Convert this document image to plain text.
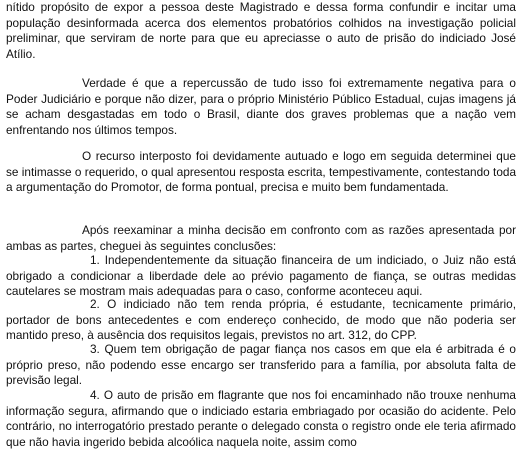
nítido propósito de expor a pessoa deste Magistrado e dessa forma confundir e incitar uma população desinformada acerca dos elementos probatórios colhidos na investigação policial preliminar, que serviram de norte para que eu apreciasse o auto de prisão do indiciado José Atílio.

Verdade é que a repercussão de tudo isso foi extremamente negativa para o Poder Judiciário e porque não dizer, para o próprio Ministério Público Estadual, cujas imagens já se acham desgastadas em todo o Brasil, diante dos graves problemas que a nação vem enfrentando nos últimos tempos.

O recurso interposto foi devidamente autuado e logo em seguida determinei que se intimasse o requerido, o qual apresentou resposta escrita, tempestivamente, contestando toda a argumentação do Promotor, de forma pontual, precisa e muito bem fundamentada.

Após reexaminar a minha decisão em confronto com as razões apresentada por ambas as partes, cheguei às seguintes conclusões:

1. Independentemente da situação financeira de um indiciado, o Juiz não está obrigado a condicionar a liberdade dele ao prévio pagamento de fiança, se outras medidas cautelares se mostram mais adequadas para o caso, conforme aconteceu aqui.

2. O indiciado não tem renda própria, é estudante, tecnicamente primário, portador de bons antecedentes e com endereço conhecido, de modo que não poderia ser mantido preso, à ausência dos requisitos legais, previstos no art. 312, do CPP.

3. Quem tem obrigação de pagar fiança nos casos em que ela é arbitrada é o próprio preso, não podendo esse encargo ser transferido para a família, por absoluta falta de previsão legal.

4. O auto de prisão em flagrante que nos foi encaminhado não trouxe nenhuma informação segura, afirmando que o indiciado estaria embriagado por ocasião do acidente. Pelo contrário, no interrogatório prestado perante o delegado consta o registro onde ele teria afirmado que não havia ingerido bebida alcoólica naquela noite, assim como
